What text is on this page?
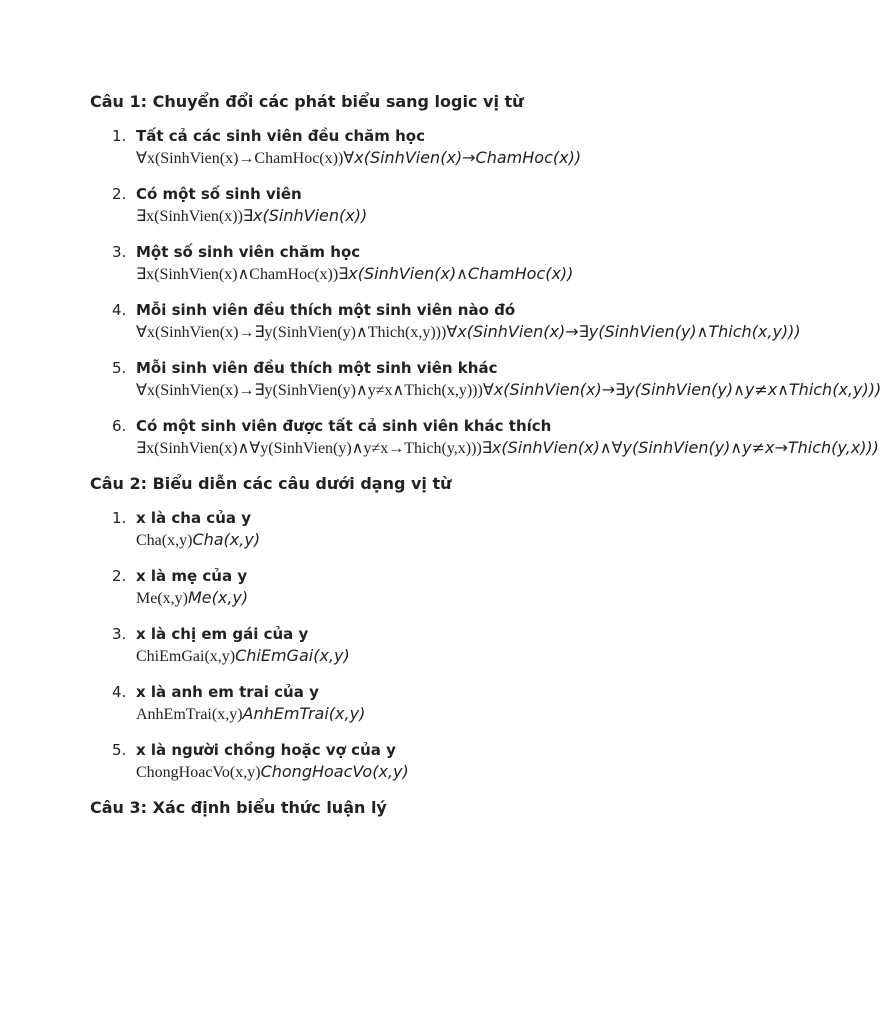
Câu 1: Chuyển đổi các phát biểu sang logic vị từ
1. Tất cả các sinh viên đều chăm học
∀x(SinhVien(x)→ChamHoc(x))∀x(SinhVien(x)→ChamHoc(x))
2. Có một số sinh viên
∃x(SinhVien(x))∃x(SinhVien(x))
3. Một số sinh viên chăm học
∃x(SinhVien(x)∧ChamHoc(x))∃x(SinhVien(x)∧ChamHoc(x))
4. Mỗi sinh viên đều thích một sinh viên nào đó
∀x(SinhVien(x)→∃y(SinhVien(y)∧Thich(x,y)))∀x(SinhVien(x)→∃y(SinhVien(y)∧Thich(x,y)))
5. Mỗi sinh viên đều thích một sinh viên khác
∀x(SinhVien(x)→∃y(SinhVien(y)∧y≠x∧Thich(x,y)))∀x(SinhVien(x)→∃y(SinhVien(y)∧y≠x∧Thich(x,y)))
6. Có một sinh viên được tất cả sinh viên khác thích
∃x(SinhVien(x)∧∀y(SinhVien(y)∧y≠x→Thich(y,x)))∃x(SinhVien(x)∧∀y(SinhVien(y)∧y≠x→Thich(y,x)))
Câu 2: Biểu diễn các câu dưới dạng vị từ
1. x là cha của y
Cha(x,y)Cha(x,y)
2. x là mẹ của y
Me(x,y)Me(x,y)
3. x là chị em gái của y
ChiEmGai(x,y)ChiEmGai(x,y)
4. x là anh em trai của y
AnhEmTrai(x,y)AnhEmTrai(x,y)
5. x là người chồng hoặc vợ của y
ChongHoacVo(x,y)ChongHoacVo(x,y)
Câu 3: Xác định biểu thức luận lý
